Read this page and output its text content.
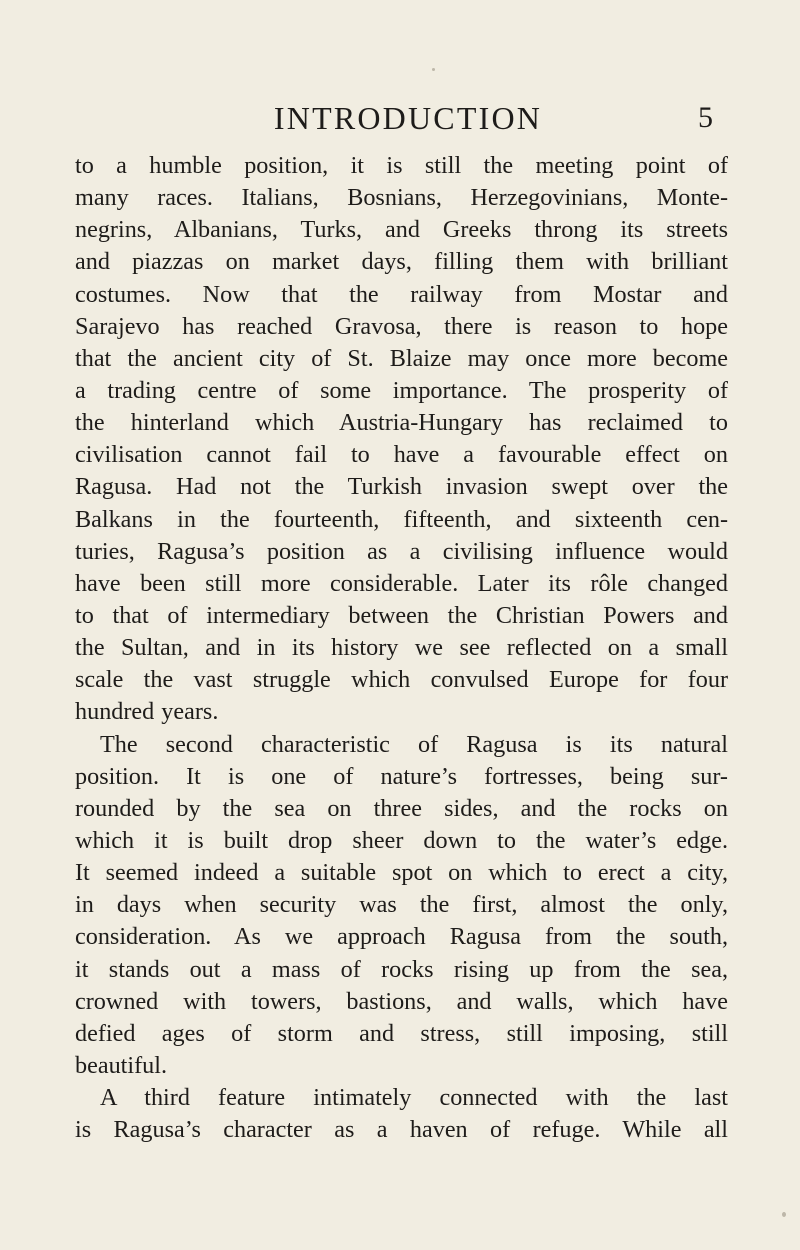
INTRODUCTION	5
to a humble position, it is still the meeting point of
many races. Italians, Bosnians, Herzegovinians, Monte-
negrins, Albanians, Turks, and Greeks throng its streets
and piazzas on market days, filling them with brilliant
costumes. Now that the railway from Mostar and
Sarajevo has reached Gravosa, there is reason to hope
that the ancient city of St. Blaize may once more become
a trading centre of some importance. The prosperity of
the hinterland which Austria-Hungary has reclaimed to
civilisation cannot fail to have a favourable effect on
Ragusa. Had not the Turkish invasion swept over the
Balkans in the fourteenth, fifteenth, and sixteenth cen-
turies, Ragusa’s position as a civilising influence would
have been still more considerable. Later its rôle changed
to that of intermediary between the Christian Powers and
the Sultan, and in its history we see reflected on a small
scale the vast struggle which convulsed Europe for four
hundred years.
The second characteristic of Ragusa is its natural
position. It is one of nature’s fortresses, being sur-
rounded by the sea on three sides, and the rocks on
which it is built drop sheer down to the water’s edge.
It seemed indeed a suitable spot on which to erect a city,
in days when security was the first, almost the only,
consideration. As we approach Ragusa from the south,
it stands out a mass of rocks rising up from the sea,
crowned with towers, bastions, and walls, which have
defied ages of storm and stress, still imposing, still
beautiful.
A third feature intimately connected with the last
is Ragusa’s character as a haven of refuge. While all
